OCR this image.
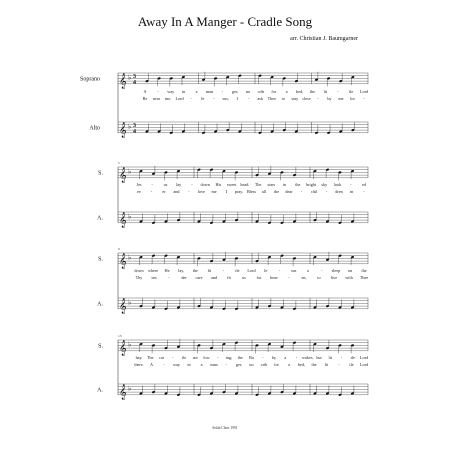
Away In A Manger - Cradle Song
arr. Christian J. Baumgarner
𝄞 ♭ 3
4
𝄞 ♭ 3
4
Soprano
Alto
A	- way in a man - ger, no crib for a bed, the lit - tle Lord
Be near me, Lord - Je - sus, I - ask Thee to stay close - by me for -
𝄞 ♭
𝄞 ♭
S.
A.
5
Jes -	us lay - down His sweet head. The stars in the bright sky look -	ed
ev - er and - love me I pray. Bless all the dear - chil - dren in -
𝄞 ♭
𝄞 ♭
S.
A.
9
down where He lay, the lit	-	tle Lord Je	-	sus a	- sleep on the
Thy ten	-	der care and fit	us	for heav -	en,	to live with Thee
𝄞 ♭
𝄞 ♭
S.
A.
13
hay. The cat - tle are low - ing; the Ba - by a - wakes, but lit - tle Lord
there. A - way in a man - ger, no crib for a bed, the lit - tle Lord
Selah Choir 1991
